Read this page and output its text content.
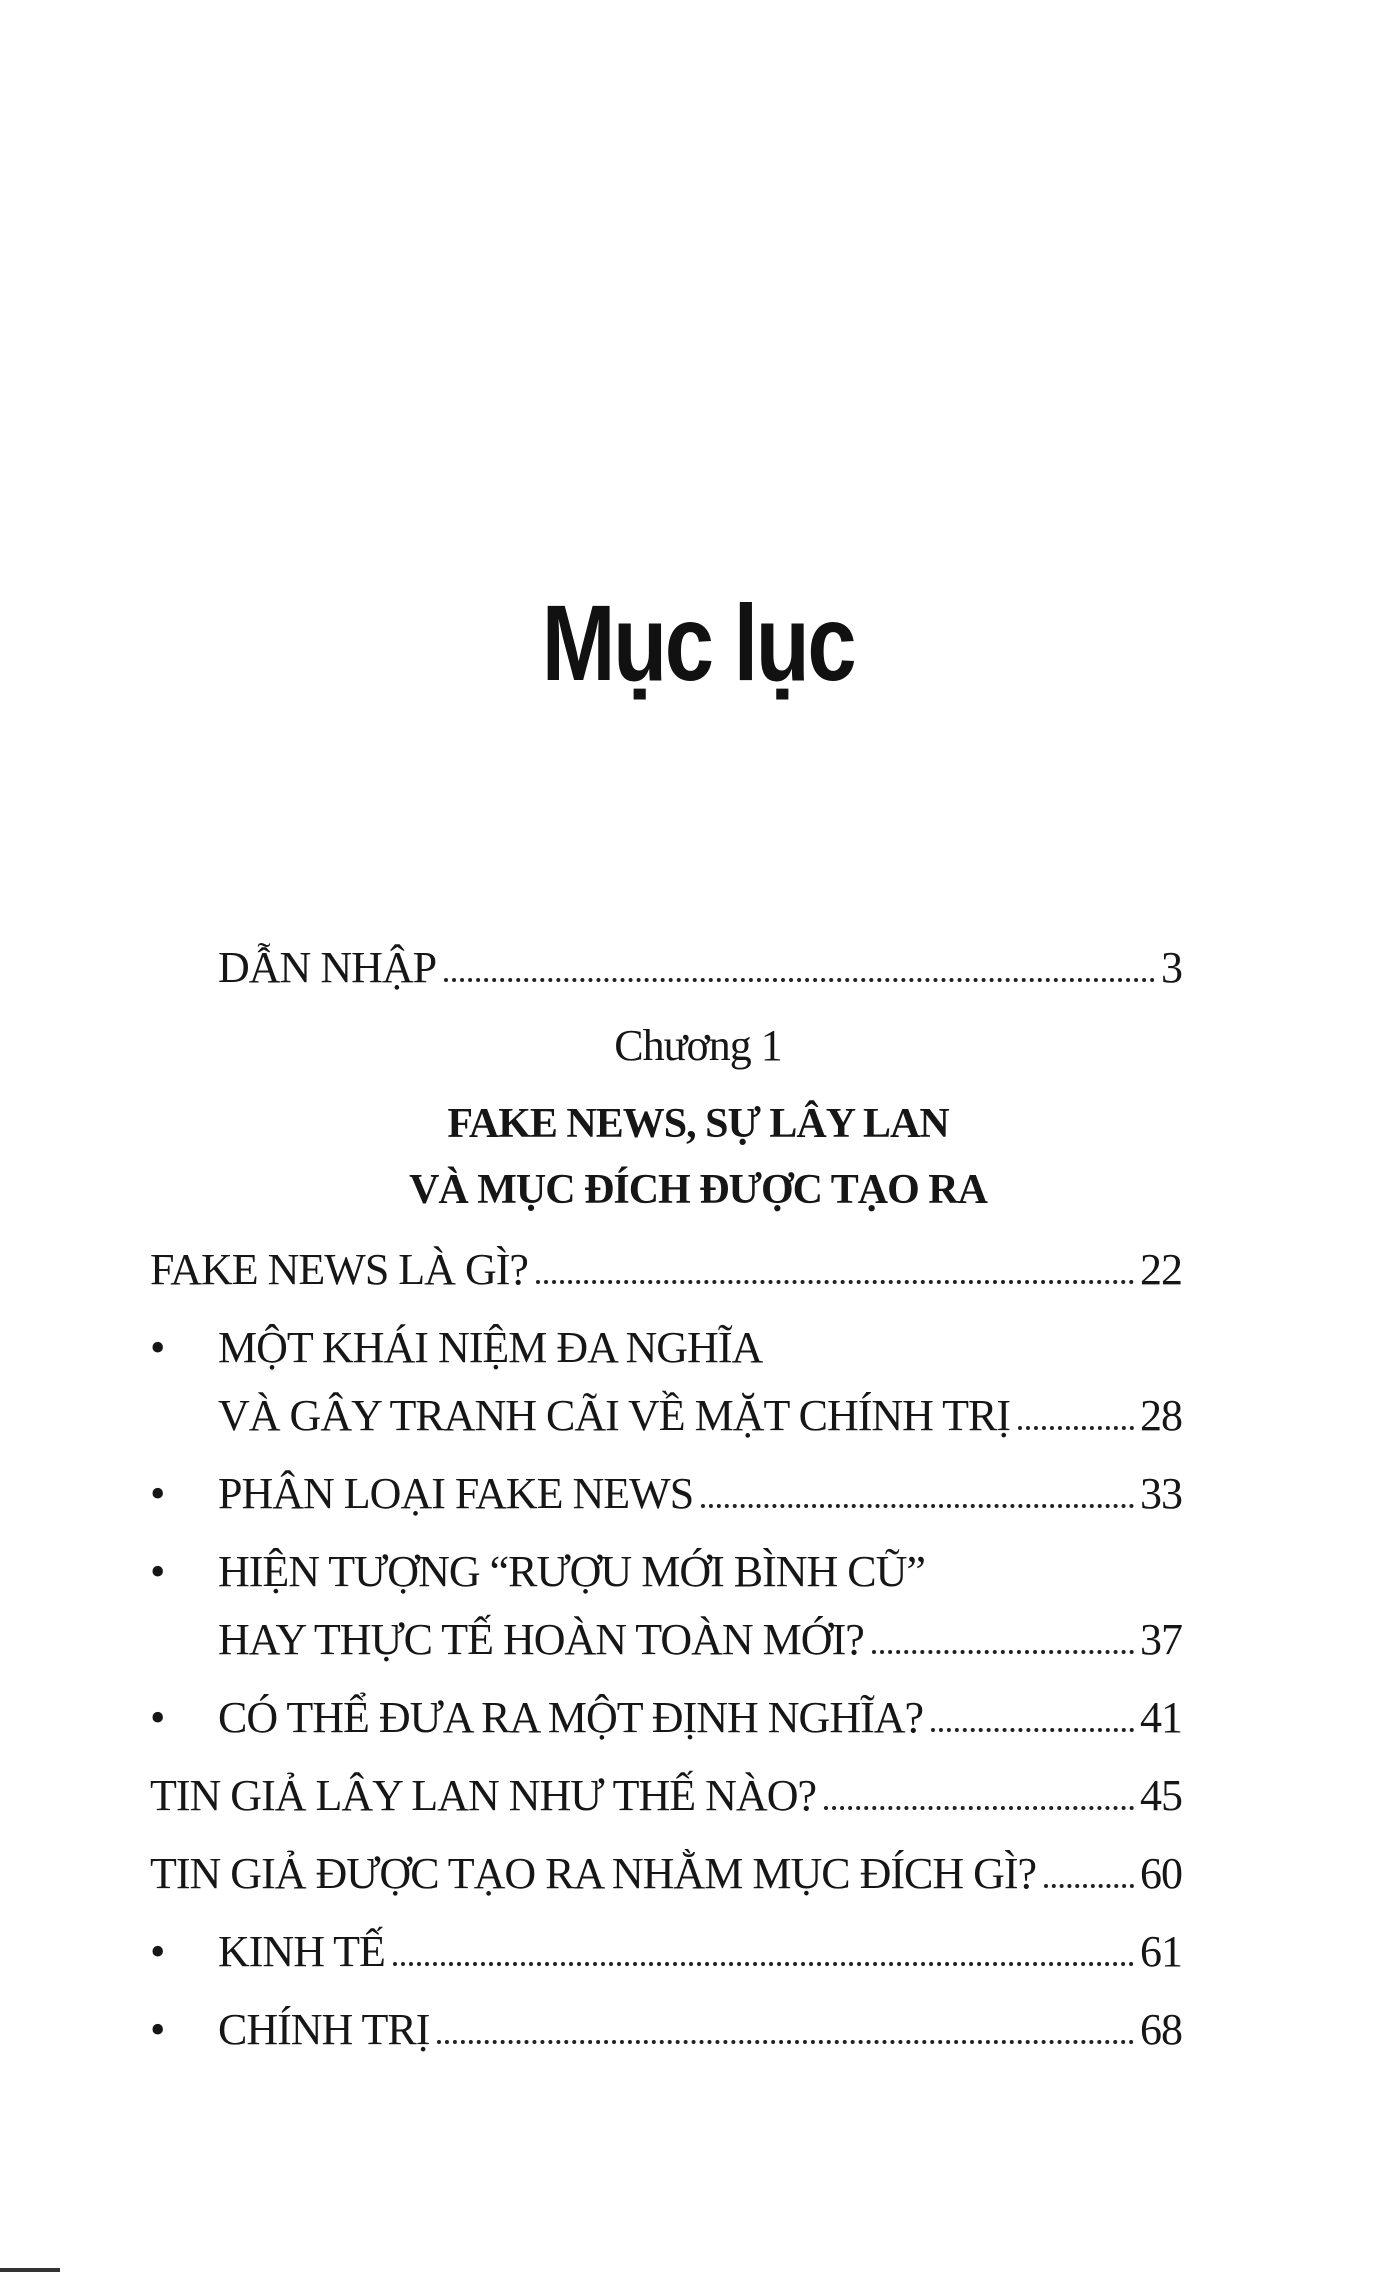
Mục lục
DẪN NHẬP	3
Chương 1
FAKE NEWS, SỰ LÂY LAN
VÀ MỤC ĐÍCH ĐƯỢC TẠO RA
FAKE NEWS LÀ GÌ?	22
• MỘT KHÁI NIỆM ĐA NGHĨA
VÀ GÂY TRANH CÃI VỀ MẶT CHÍNH TRỊ	28
• PHÂN LOẠI FAKE NEWS	33
• HIỆN TƯỢNG “RƯỢU MỚI BÌNH CŨ”
HAY THỰC TẾ HOÀN TOÀN MỚI?	37
• CÓ THỂ ĐƯA RA MỘT ĐỊNH NGHĨA?	41
TIN GIẢ LÂY LAN NHƯ THẾ NÀO?	45
TIN GIẢ ĐƯỢC TẠO RA NHẰM MỤC ĐÍCH GÌ? 60
• KINH TẾ	61
• CHÍNH TRỊ	68
